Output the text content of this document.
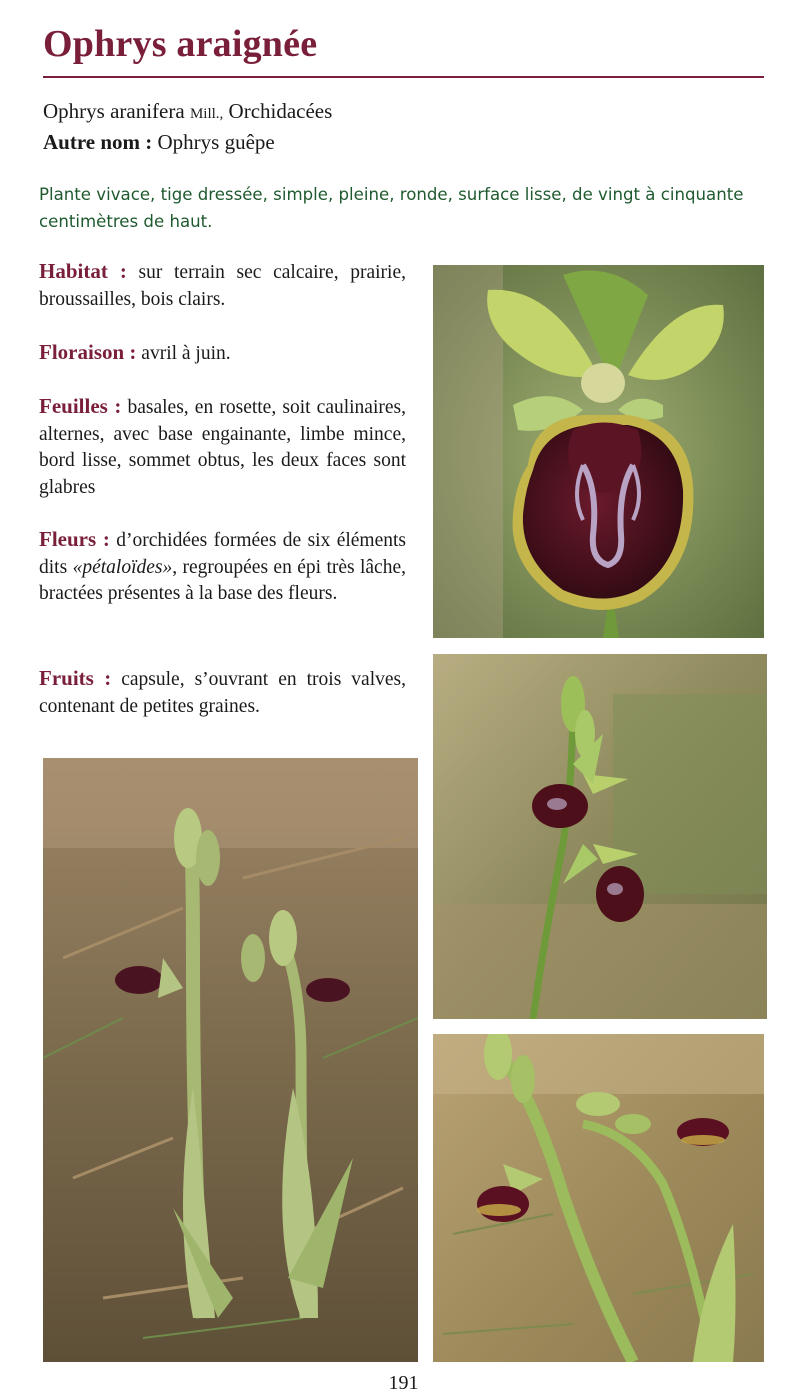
Ophrys araignée
Ophrys aranifera Mill., Orchidacées
Autre nom : Ophrys guêpe
Plante vivace, tige dressée, simple, pleine, ronde, surface lisse, de vingt à cinquante centimètres de haut.
Habitat : sur terrain sec calcaire, prairie, broussailles, bois clairs.
Floraison : avril à juin.
Feuilles : basales, en rosette, soit caulinaires, alternes, avec base engainante, limbe mince, bord lisse, sommet obtus, les deux faces sont glabres
Fleurs : d’orchidées formées de six éléments dits «pétaloïdes», regroupées en épi très lâche, bractées présentes à la base des fleurs.
Fruits : capsule, s’ouvrant en trois valves, contenant de petites graines.
191
